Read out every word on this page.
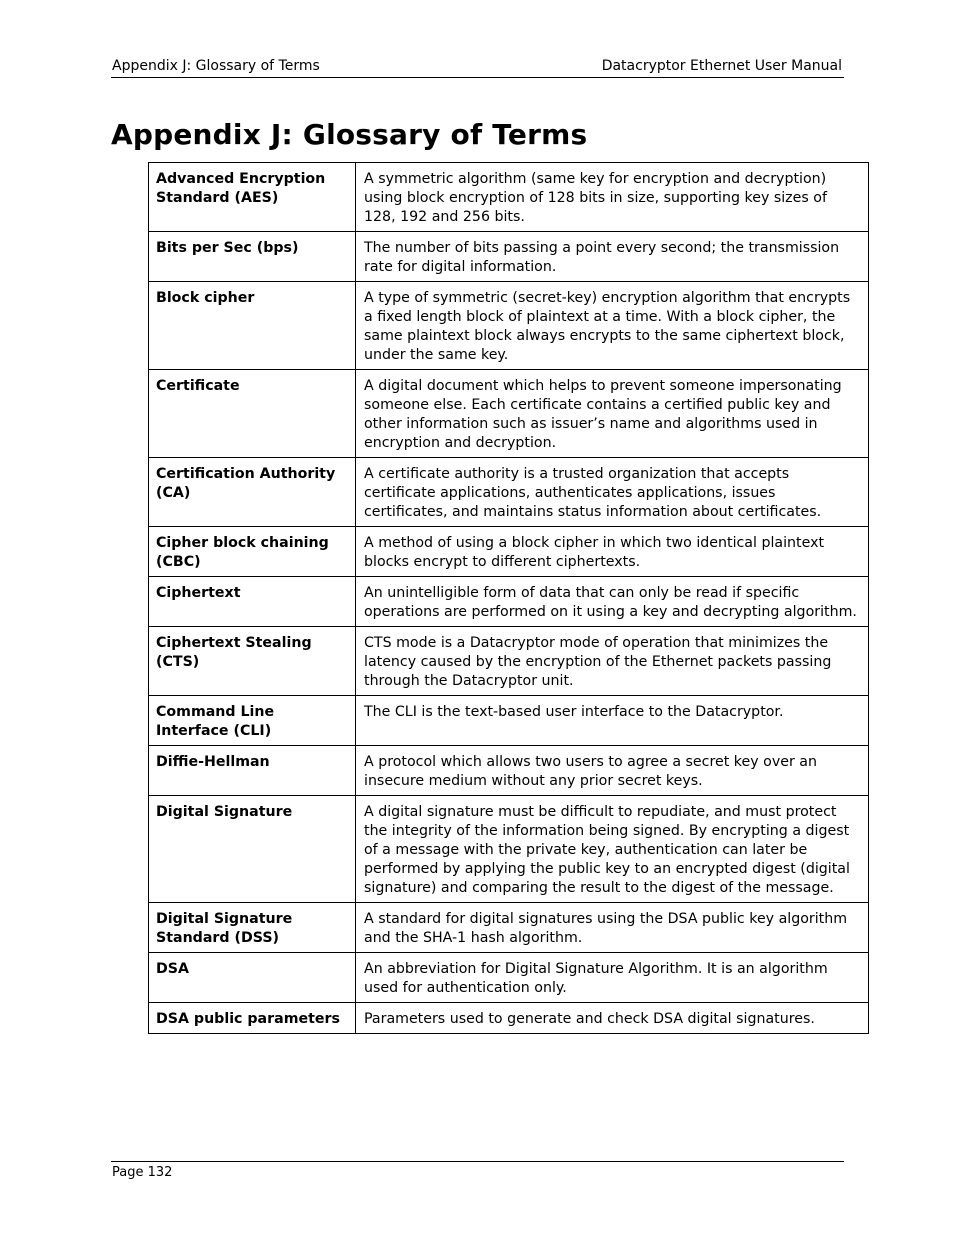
Appendix J: Glossary of Terms	Datacryptor Ethernet User Manual
Appendix J: Glossary of Terms
Advanced Encryption Standard (AES)	A symmetric algorithm (same key for encryption and decryption) using block encryption of 128 bits in size, supporting key sizes of 128, 192 and 256 bits.
Bits per Sec (bps)	The number of bits passing a point every second; the transmission rate for digital information.
Block cipher	A type of symmetric (secret-key) encryption algorithm that encrypts a fixed length block of plaintext at a time. With a block cipher, the same plaintext block always encrypts to the same ciphertext block, under the same key.
Certificate	A digital document which helps to prevent someone impersonating someone else. Each certificate contains a certified public key and other information such as issuer’s name and algorithms used in encryption and decryption.
Certification Authority (CA)	A certificate authority is a trusted organization that accepts certificate applications, authenticates applications, issues certificates, and maintains status information about certificates.
Cipher block chaining (CBC)	A method of using a block cipher in which two identical plaintext blocks encrypt to different ciphertexts.
Ciphertext	An unintelligible form of data that can only be read if specific operations are performed on it using a key and decrypting algorithm.
Ciphertext Stealing (CTS)	CTS mode is a Datacryptor mode of operation that minimizes the latency caused by the encryption of the Ethernet packets passing through the Datacryptor unit.
Command Line Interface (CLI)	The CLI is the text-based user interface to the Datacryptor.
Diffie-Hellman	A protocol which allows two users to agree a secret key over an insecure medium without any prior secret keys.
Digital Signature	A digital signature must be difficult to repudiate, and must protect the integrity of the information being signed. By encrypting a digest of a message with the private key, authentication can later be performed by applying the public key to an encrypted digest (digital signature) and comparing the result to the digest of the message.
Digital Signature Standard (DSS)	A standard for digital signatures using the DSA public key algorithm and the SHA-1 hash algorithm.
DSA	An abbreviation for Digital Signature Algorithm. It is an algorithm used for authentication only.
DSA public parameters	Parameters used to generate and check DSA digital signatures.
Page 132
